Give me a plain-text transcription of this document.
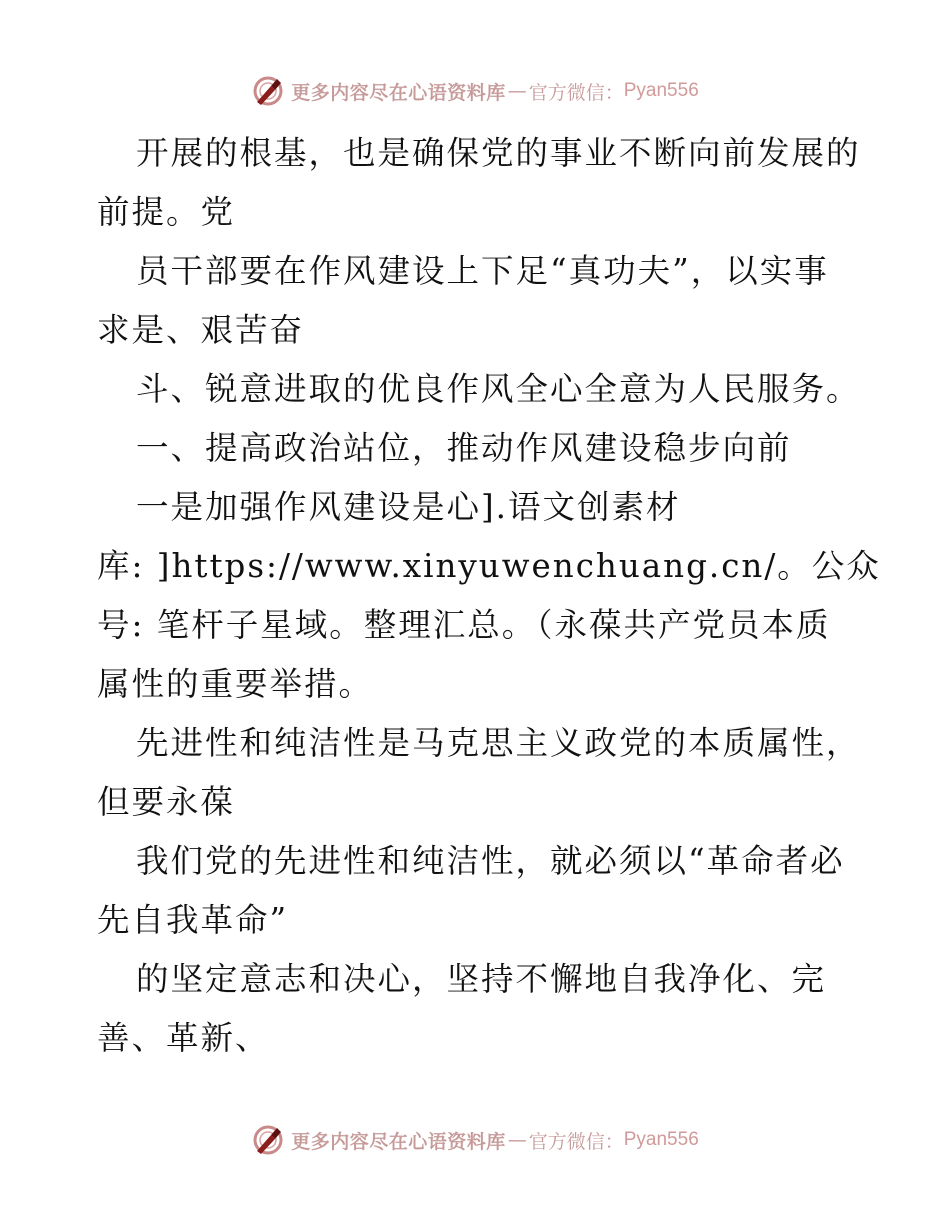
更多内容尽在心语资料库 — 官方微信： Pyan556
开展的根基，也是确保党的事业不断向前发展的
前提。党
员干部要在作风建设上下足“真功夫”，以实事
求是、艰苦奋
斗、锐意进取的优良作风全心全意为人民服务。
一、提高政治站位，推动作风建设稳步向前
一是加强作风建设是心].语文创素材
库: ]https://www.xinyuwenchuang.cn/。公众
号: 笔杆子星域。整理汇总。（永葆共产党员本质
属性的重要举措。
先进性和纯洁性是马克思主义政党的本质属性，
但要永葆
我们党的先进性和纯洁性，就必须以“革命者必
先自我革命”
的坚定意志和决心，坚持不懈地自我净化、完
善、革新、
更多内容尽在心语资料库 — 官方微信： Pyan556
